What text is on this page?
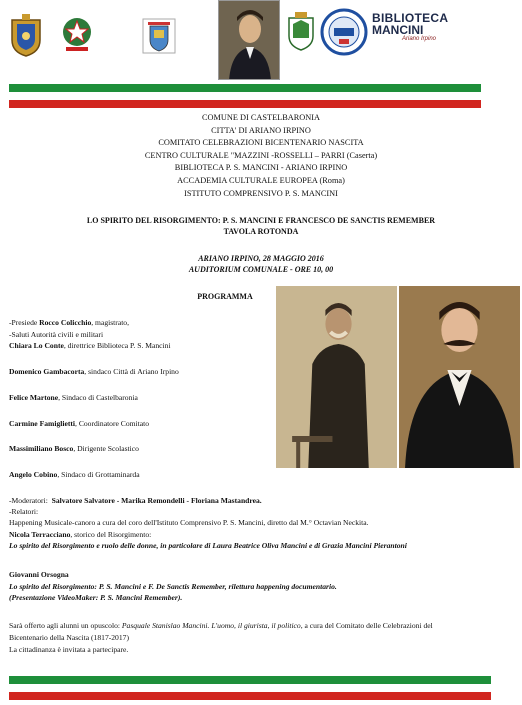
BIBLIOTECA
MANCINI
Ariano Irpino
COMUNE DI CASTELBARONIA
CITTA' DI ARIANO IRPINO
COMITATO CELEBRAZIONI BICENTENARIO NASCITA
CENTRO CULTURALE "MAZZINI -ROSSELLI – PARRI (Caserta)
BIBLIOTECA P. S. MANCINI - ARIANO IRPINO
ACCADEMIA CULTURALE EUROPEA (Roma)
ISTITUTO COMPRENSIVO P. S. MANCINI
LO SPIRITO DEL RISORGIMENTO: P. S. MANCINI E FRANCESCO DE SANCTIS REMEMBER
TAVOLA ROTONDA
ARIANO IRPINO, 28 MAGGIO 2016
AUDITORIUM COMUNALE - ORE 10, 00
PROGRAMMA
-Presiede Rocco Colicchio, magistrato,
-Saluti Autorità civili e militari
Chiara Lo Conte, direttrice Biblioteca P. S. Mancini
Domenico Gambacorta, sindaco Città di Ariano Irpino
Felice Martone, Sindaco di Castelbaronia
Carmine Famiglietti, Coordinatore Comitato
Massimiliano Bosco, Dirigente Scolastico
Angelo Cobino, Sindaco di Grottaminarda
-Moderatori: Salvatore Salvatore - Marika Remondelli - Floriana Mastandrea.
-Relatori:
Happening Musicale-canoro a cura del coro dell'Istituto Comprensivo P. S. Mancini, diretto dal M.° Octavian Neckita.
Nicola Terracciano, storico del Risorgimento:
Lo spirito del Risorgimento e ruolo delle donne, in particolare di Laura Beatrice Oliva Mancini e di Grazia Mancini Pierantoni
Giovanni Orsogna
Lo spirito del Risorgimento: P. S. Mancini e F. De Sanctis Remember, rilettura happening documentario.
(Presentazione VideoMaker: P. S. Mancini Remember).
Sarà offerto agli alunni un opuscolo: Pasquale Stanislao Mancini. L'uomo, il giurista, il politico, a cura del Comitato delle Celebrazioni del
Bicentenario della Nascita (1817-2017)
La cittadinanza è invitata a partecipare.
